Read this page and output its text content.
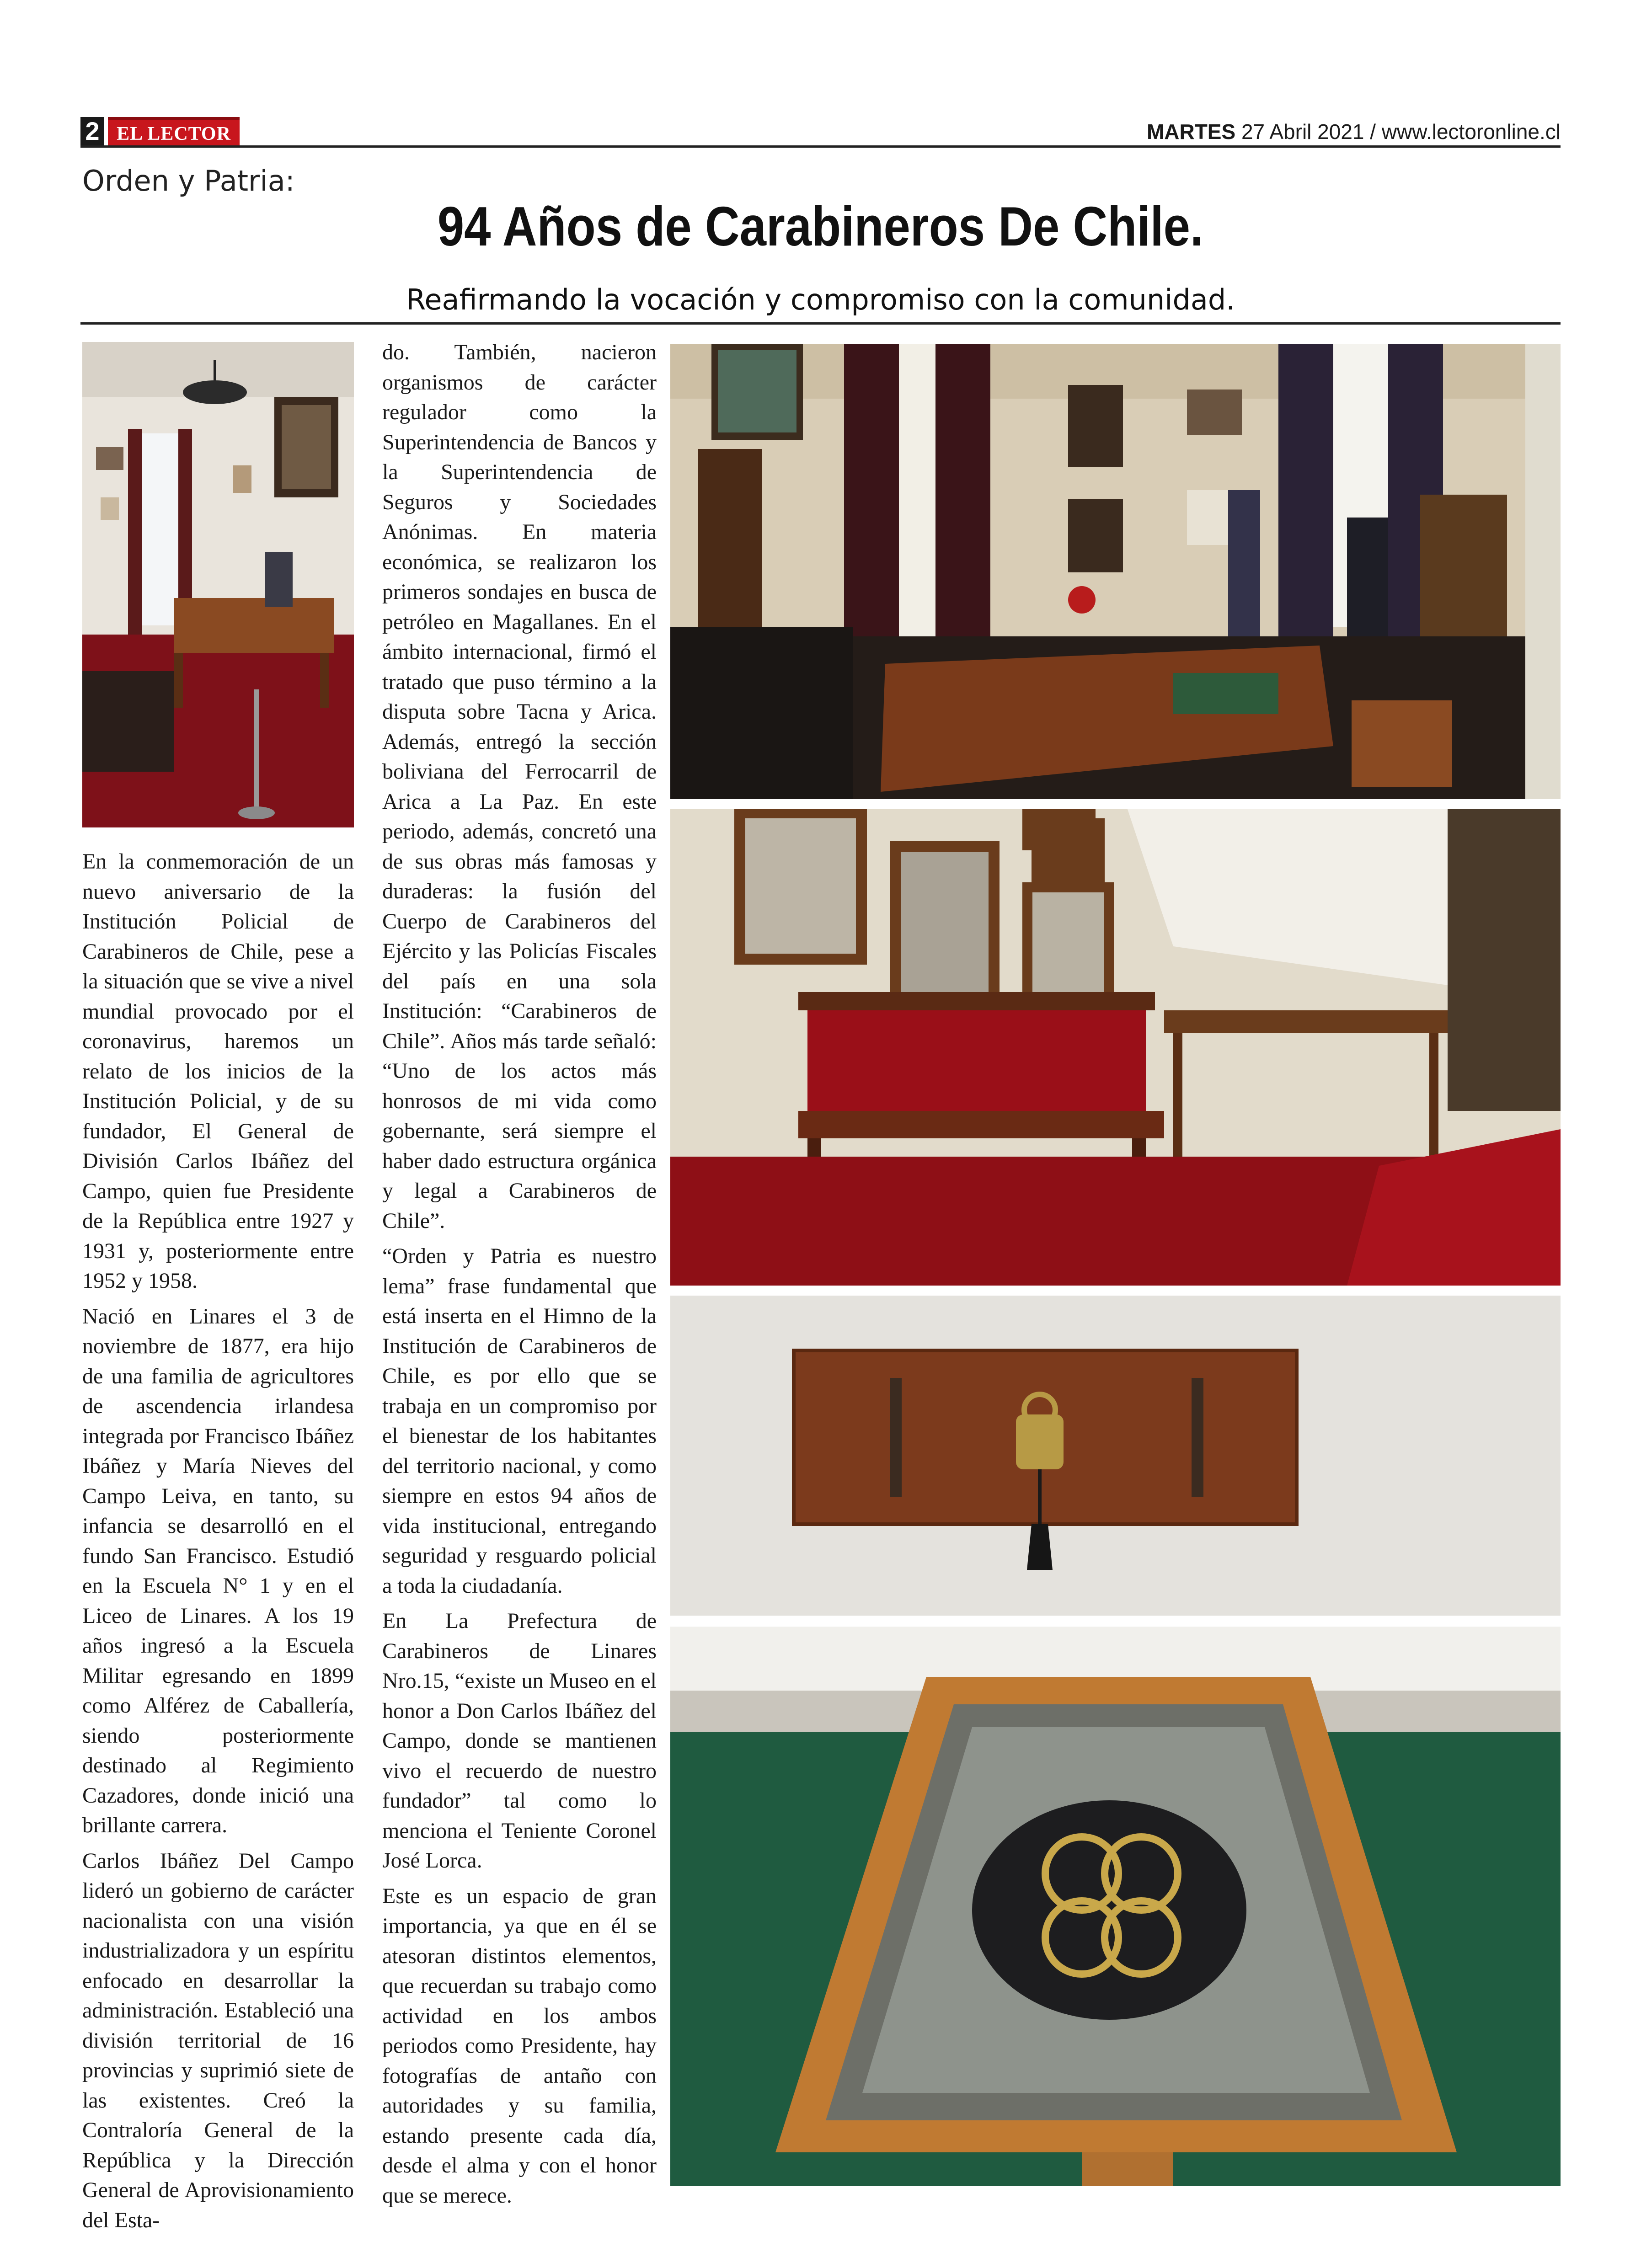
2 EL LECTOR	MARTES 27 Abril 2021 / www.lectoronline.cl
Orden y Patria:
94 Años de Carabineros De Chile.
Reafirmando la vocación y compromiso con la comunidad.

En la conmemoración de un nuevo aniversario de la Institución Policial de Carabineros de Chile, pese a la situación que se vive a nivel mundial provocado por el coronavirus, haremos un relato de los inicios de la Institución Policial, y de su fundador, El General de División Carlos Ibáñez del Campo, quien fue Presidente de la República entre 1927 y 1931 y, posteriormente entre 1952 y 1958.

Nació en Linares el 3 de noviembre de 1877, era hijo de una familia de agricultores de ascendencia irlandesa integrada por Francisco Ibáñez Ibáñez y María Nieves del Campo Leiva, en tanto, su infancia se desarrolló en el fundo San Francisco. Estudió en la Escuela N° 1 y en el Liceo de Linares. A los 19 años ingresó a la Escuela Militar egresando en 1899 como Alférez de Caballería, siendo posteriormente destinado al Regimiento Cazadores, donde inició una brillante carrera.

Carlos Ibáñez Del Campo lideró un gobierno de carácter nacionalista con una visión industrializadora y un espíritu enfocado en desarrollar la administración. Estableció una división territorial de 16 provincias y suprimió siete de las existentes. Creó la Contraloría General de la República y la Dirección General de Aprovisionamiento del Esta-

do. También, nacieron organismos de carácter regulador como la Superintendencia de Bancos y la Superintendencia de Seguros y Sociedades Anónimas. En materia económica, se realizaron los primeros sondajes en busca de petróleo en Magallanes. En el ámbito internacional, firmó el tratado que puso término a la disputa sobre Tacna y Arica. Además, entregó la sección boliviana del Ferrocarril de Arica a La Paz. En este periodo, además, concretó una de sus obras más famosas y duraderas: la fusión del Cuerpo de Carabineros del Ejército y las Policías Fiscales del país en una sola Institución: “Carabineros de Chile”. Años más tarde señaló: “Uno de los actos más honrosos de mi vida como gobernante, será siempre el haber dado estructura orgánica y legal a Carabineros de Chile”.

“Orden y Patria es nuestro lema” frase fundamental que está inserta en el Himno de la Institución de Carabineros de Chile, es por ello que se trabaja en un compromiso por el bienestar de los habitantes del territorio nacional, y como siempre en estos 94 años de vida institucional, entregando seguridad y resguardo policial a toda la ciudadanía.

En La Prefectura de Carabineros de Linares Nro.15, “existe un Museo en el honor a Don Carlos Ibáñez del Campo, donde se mantienen vivo el recuerdo de nuestro fundador” tal como lo menciona el Teniente Coronel José Lorca.

Este es un espacio de gran importancia, ya que en él se atesoran distintos elementos, que recuerdan su trabajo como actividad en los ambos periodos como Presidente, hay fotografías de antaño con autoridades y su familia, estando presente cada día, desde el alma y con el honor que se merece.
